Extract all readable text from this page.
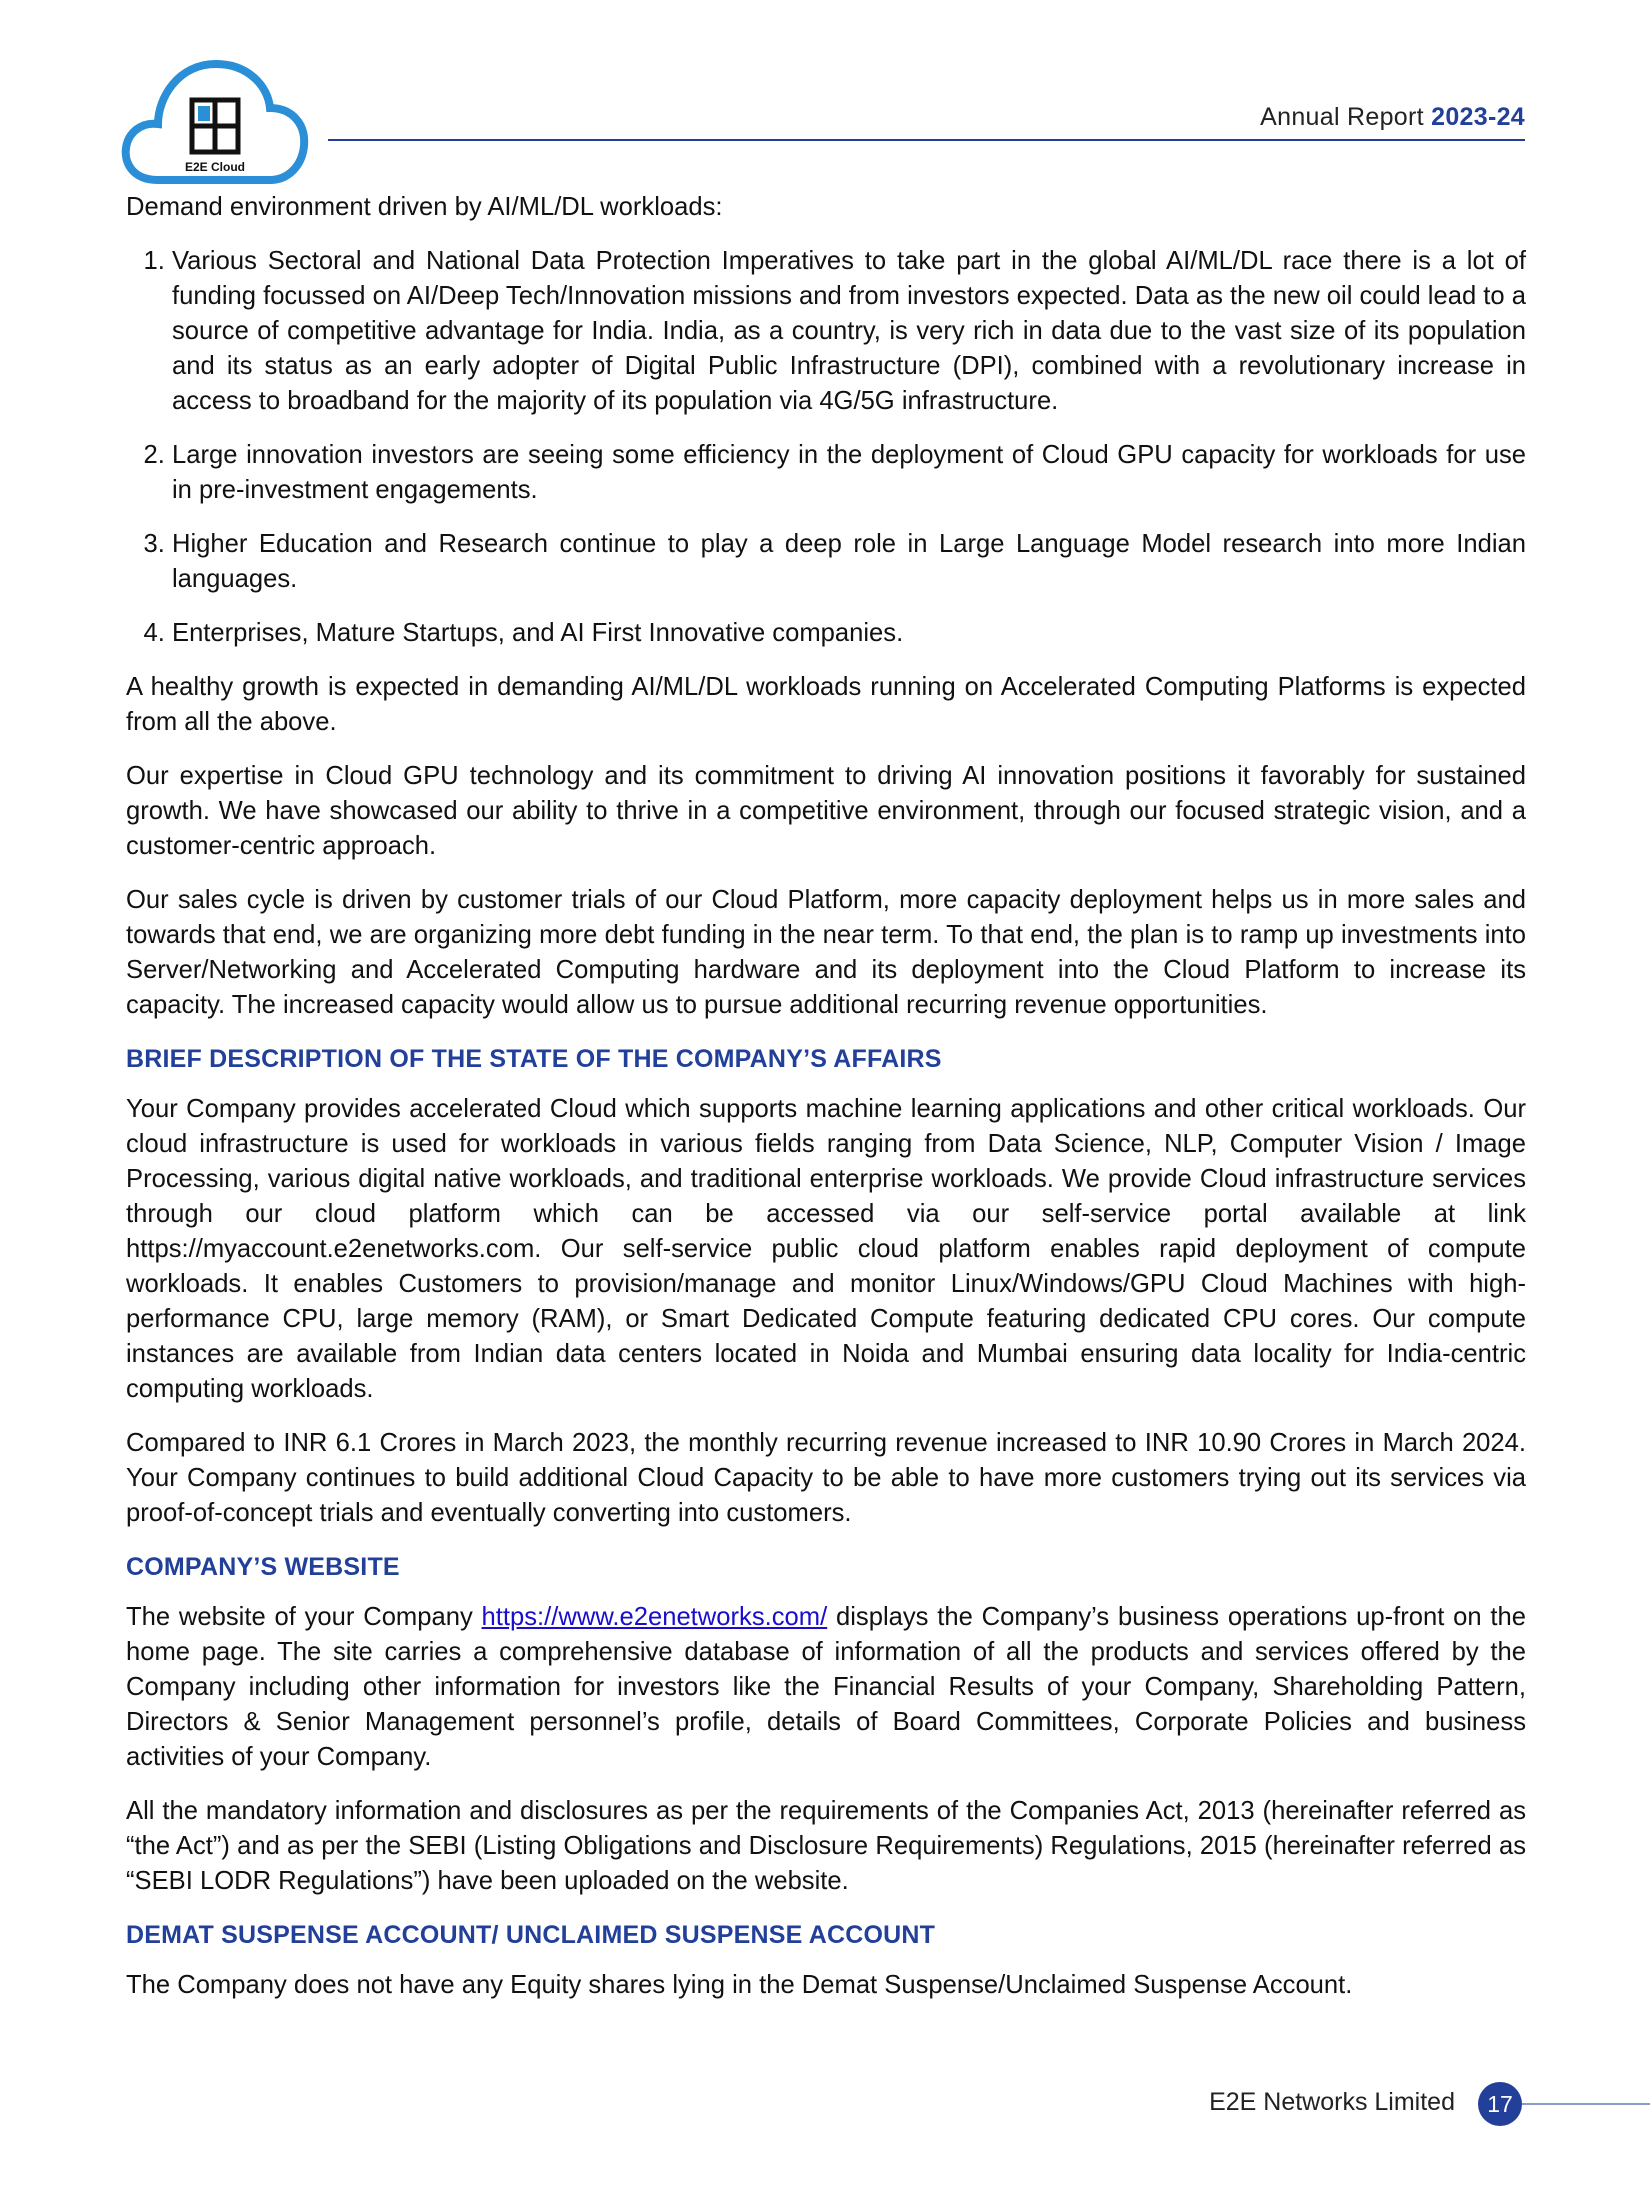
E2E Cloud
Annual Report 2023-24

Demand environment driven by AI/ML/DL workloads:

1. Various Sectoral and National Data Protection Imperatives to take part in the global AI/ML/DL race there is a lot of funding focussed on AI/Deep Tech/Innovation missions and from investors expected. Data as the new oil could lead to a source of competitive advantage for India. India, as a country, is very rich in data due to the vast size of its population and its status as an early adopter of Digital Public Infrastructure (DPI), combined with a revolutionary increase in access to broadband for the majority of its population via 4G/5G infrastructure.
2. Large innovation investors are seeing some efficiency in the deployment of Cloud GPU capacity for workloads for use in pre-investment engagements.
3. Higher Education and Research continue to play a deep role in Large Language Model research into more Indian languages.
4. Enterprises, Mature Startups, and AI First Innovative companies.

A healthy growth is expected in demanding AI/ML/DL workloads running on Accelerated Computing Platforms is expected from all the above.

Our expertise in Cloud GPU technology and its commitment to driving AI innovation positions it favorably for sustained growth. We have showcased our ability to thrive in a competitive environment, through our focused strategic vision, and a customer-centric approach.

Our sales cycle is driven by customer trials of our Cloud Platform, more capacity deployment helps us in more sales and towards that end, we are organizing more debt funding in the near term. To that end, the plan is to ramp up investments into Server/Networking and Accelerated Computing hardware and its deployment into the Cloud Platform to increase its capacity. The increased capacity would allow us to pursue additional recurring revenue opportunities.

BRIEF DESCRIPTION OF THE STATE OF THE COMPANY’S AFFAIRS

Your Company provides accelerated Cloud which supports machine learning applications and other critical workloads. Our cloud infrastructure is used for workloads in various fields ranging from Data Science, NLP, Computer Vision / Image Processing, various digital native workloads, and traditional enterprise workloads. We provide Cloud infrastructure services through our cloud platform which can be accessed via our self-service portal available at link https://myaccount.e2enetworks.com. Our self-service public cloud platform enables rapid deployment of compute workloads. It enables Customers to provision/manage and monitor Linux/Windows/GPU Cloud Machines with high-performance CPU, large memory (RAM), or Smart Dedicated Compute featuring dedicated CPU cores. Our compute instances are available from Indian data centers located in Noida and Mumbai ensuring data locality for India-centric computing workloads.

Compared to INR 6.1 Crores in March 2023, the monthly recurring revenue increased to INR 10.90 Crores in March 2024. Your Company continues to build additional Cloud Capacity to be able to have more customers trying out its services via proof-of-concept trials and eventually converting into customers.

COMPANY’S WEBSITE

The website of your Company https://www.e2enetworks.com/ displays the Company’s business operations up-front on the home page. The site carries a comprehensive database of information of all the products and services offered by the Company including other information for investors like the Financial Results of your Company, Shareholding Pattern, Directors & Senior Management personnel’s profile, details of Board Committees, Corporate Policies and business activities of your Company.

All the mandatory information and disclosures as per the requirements of the Companies Act, 2013 (hereinafter referred as “the Act”) and as per the SEBI (Listing Obligations and Disclosure Requirements) Regulations, 2015 (hereinafter referred as “SEBI LODR Regulations”) have been uploaded on the website.

DEMAT SUSPENSE ACCOUNT/ UNCLAIMED SUSPENSE ACCOUNT

The Company does not have any Equity shares lying in the Demat Suspense/Unclaimed Suspense Account.

E2E Networks Limited	17
